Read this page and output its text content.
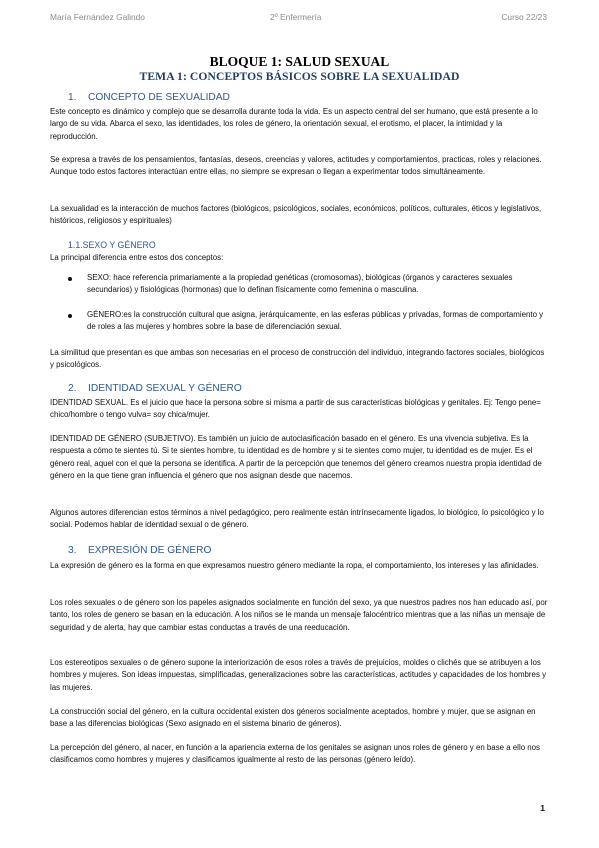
María Fernández Galindo	2º Enfermería	Curso 22/23
BLOQUE 1: SALUD SEXUAL
TEMA 1: CONCEPTOS BÁSICOS SOBRE LA SEXUALIDAD
1. CONCEPTO DE SEXUALIDAD
Este concepto es dinámico y complejo que se desarrolla durante toda la vida. Es un aspecto central del ser humano, que está presente a lo largo de su vida. Abarca el sexo, las identidades, los roles de género, la orientación sexual, el erotismo, el placer, la intimidad y la reproducción.
Se expresa a través de los pensamientos, fantasías, deseos, creencias y valores, actitudes y comportamientos, practicas, roles y relaciones. Aunque todo estos factores interactúan entre ellas, no siempre se expresan o llegan a experimentar todos simultáneamente.
La sexualidad es la interacción de muchos factores (biológicos, psicológicos, sociales, económicos, políticos, culturales, éticos y legislativos, históricos, religiosos y espirituales)
1.1.SEXO Y GÉNERO
La principal diferencia entre estos dos conceptos:
SEXO: hace referencia primariamente a la propiedad genéticas (cromosomas), biológicas (órganos y caracteres sexuales secundarios) y fisiológicas (hormonas) que lo definan físicamente como femenina o masculina.
GÉNERO:es la construcción cultural que asigna, jerárquicamente, en las esferas públicas y privadas, formas de comportamiento y de roles a las mujeres y hombres sobre la base de diferenciación sexual.
La similitud que presentan es que ambas son necesarias en el proceso de construcción del individuo, integrando factores sociales, biológicos y psicológicos.
2. IDENTIDAD SEXUAL Y GÉNERO
IDENTIDAD SEXUAL. Es el juicio que hace la persona sobre si misma a partir de sus características biológicas y genitales. Ej: Tengo pene= chico/hombre o tengo vulva= soy chica/mujer.
IDENTIDAD DE GÉNERO (SUBJETIVO). Es también un juicio de autoclasificación basado en el género. Es una vivencia subjetiva. Es la respuesta a cómo te sientes tú. Si te sientes hombre, tu identidad es de hombre y si te sientes como mujer, tu identidad es de mujer. Es el género real, aquel con el que la persona se identifica. A partir de la percepción que tenemos del género creamos nuestra propia identidad de género en la que tiene gran influencia el género que nos asignan desde que nacemos.
Algunos autores diferencian estos términos a nivel pedagógico, pero realmente están intrínsecamente ligados, lo biológico, lo psicológico y lo social. Podemos hablar de identidad sexual o de género.
3. EXPRESIÓN DE GÉNERO
La expresión de género es la forma en que expresamos nuestro género mediante la ropa, el comportamiento, los intereses y las afinidades.
Los roles sexuales o de género son los papeles asignados socialmente en función del sexo, ya que nuestros padres nos han educado así, por tanto, los roles de genero se basan en la educación. A los niños se le manda un mensaje falocéntrico mientras que a las niñas un mensaje de seguridad y de alerta, hay que cambiar estas conductas a través de una reeducación.
Los estereotipos sexuales o de género supone la interiorización de esos roles a través de prejuicios, moldes o clichés que se atribuyen a los hombres y mujeres. Son ideas impuestas, simplificadas, generalizaciones sobre las características, actitudes y capacidades de los hombres y las mujeres.
La construcción social del género, en la cultura occidental existen dos géneros socialmente aceptados, hombre y mujer, que se asignan en base a las diferencias biológicas (Sexo asignado en el sistema binario de géneros).
La percepción del género, al nacer, en función a la apariencia externa de los genitales se asignan unos roles de género y en base a ello nos clasificamos como hombres y mujeres y clasificamos igualmente al resto de las personas (género leído).
1
